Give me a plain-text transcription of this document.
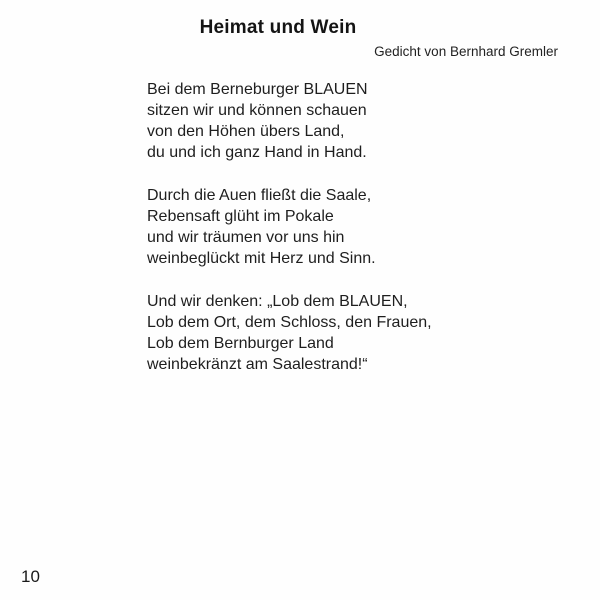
Heimat und Wein
Gedicht von Bernhard Gremler
Bei dem Berneburger BLAUEN
sitzen wir und können schauen
von den Höhen übers Land,
du und ich ganz Hand in Hand.
Durch die Auen fließt die Saale,
Rebensaft glüht im Pokale
und wir träumen vor uns hin
weinbeglückt mit Herz und Sinn.
Und wir denken: „Lob dem BLAUEN,
Lob dem Ort, dem Schloss, den Frauen,
Lob dem Bernburger Land
weinbekränzt am Saalestrand!“
10
